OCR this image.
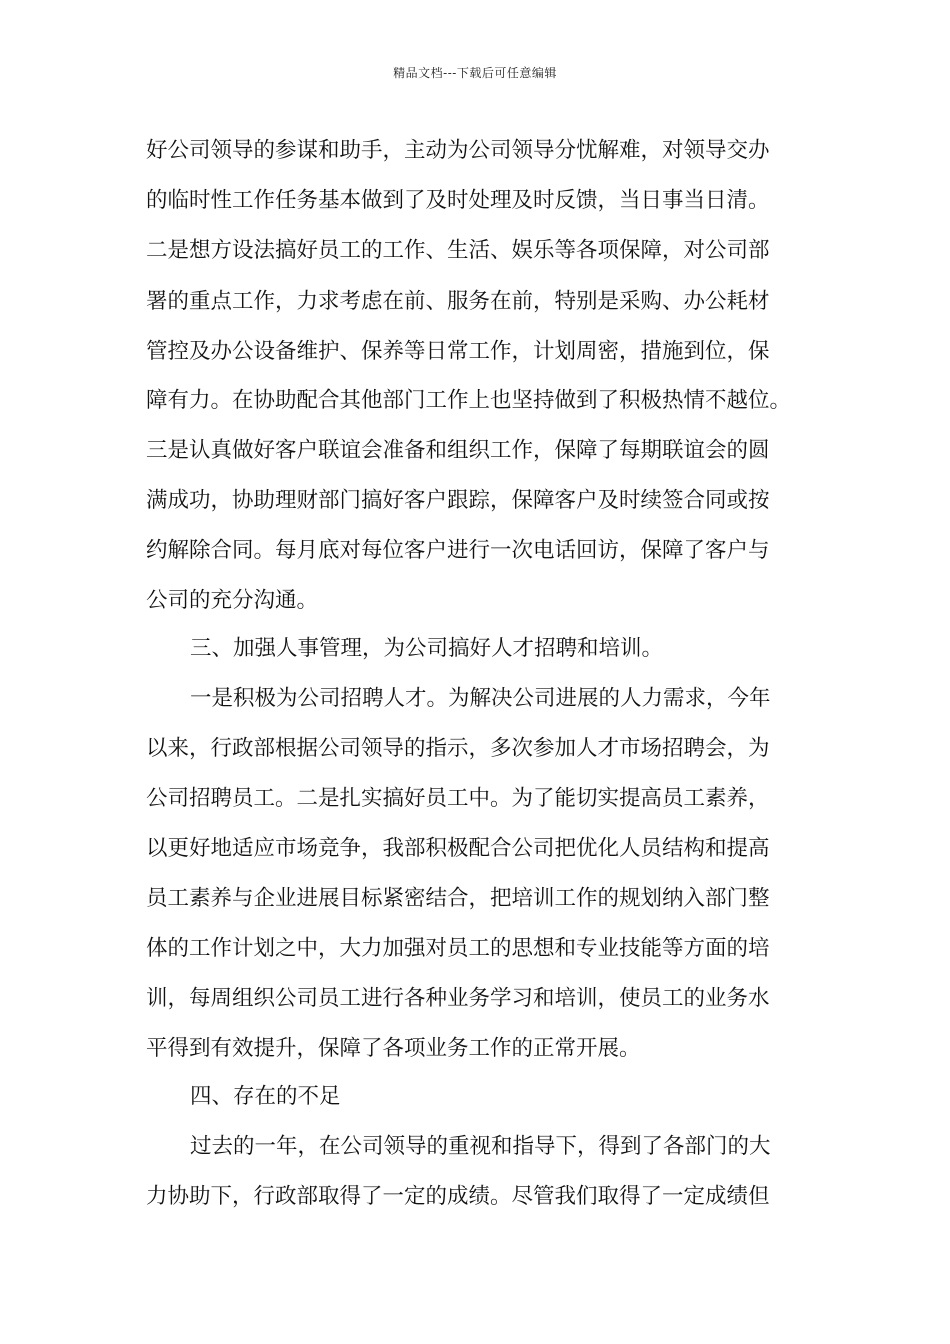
精品文档---下载后可任意编辑
好公司领导的参谋和助手，主动为公司领导分忧解难，对领导交办
的临时性工作任务基本做到了及时处理及时反馈，当日事当日清。
二是想方设法搞好员工的工作、生活、娱乐等各项保障，对公司部
署的重点工作，力求考虑在前、服务在前，特别是采购、办公耗材
管控及办公设备维护、保养等日常工作，计划周密，措施到位，保
障有力。在协助配合其他部门工作上也坚持做到了积极热情不越位。
三是认真做好客户联谊会准备和组织工作，保障了每期联谊会的圆
满成功，协助理财部门搞好客户跟踪，保障客户及时续签合同或按
约解除合同。每月底对每位客户进行一次电话回访，保障了客户与
公司的充分沟通。
三、加强人事管理，为公司搞好人才招聘和培训。
一是积极为公司招聘人才。为解决公司进展的人力需求，今年
以来，行政部根据公司领导的指示，多次参加人才市场招聘会，为
公司招聘员工。二是扎实搞好员工中。为了能切实提高员工素养，
以更好地适应市场竞争，我部积极配合公司把优化人员结构和提高
员工素养与企业进展目标紧密结合，把培训工作的规划纳入部门整
体的工作计划之中，大力加强对员工的思想和专业技能等方面的培
训，每周组织公司员工进行各种业务学习和培训，使员工的业务水
平得到有效提升，保障了各项业务工作的正常开展。
四、存在的不足
过去的一年，在公司领导的重视和指导下，得到了各部门的大
力协助下，行政部取得了一定的成绩。尽管我们取得了一定成绩但
